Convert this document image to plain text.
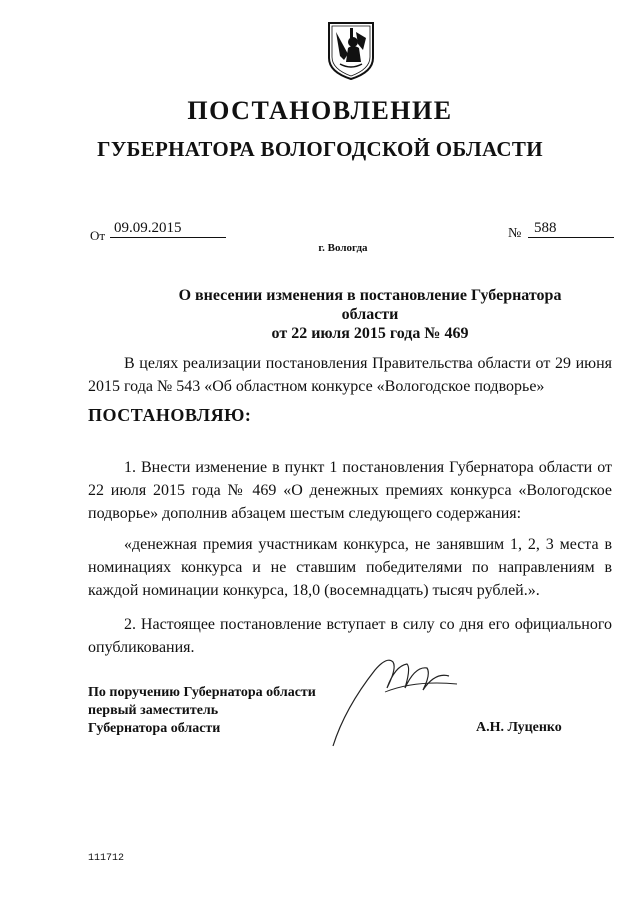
ПОСТАНОВЛЕНИЕ
ГУБЕРНАТОРА ВОЛОГОДСКОЙ ОБЛАСТИ
От 09.09.2015	№ 588
г. Вологда
О внесении изменения в постановление Губернатора области
от 22 июля 2015 года № 469
В целях реализации постановления Правительства области от 29 июня 2015 года № 543 «Об областном конкурсе «Вологодское подворье»
ПОСТАНОВЛЯЮ:
1. Внести изменение в пункт 1 постановления Губернатора области от 22 июля 2015 года № 469 «О денежных премиях конкурса «Вологодское подворье» дополнив абзацем шестым следующего содержания:
«денежная премия участникам конкурса, не занявшим 1, 2, 3 места в номинациях конкурса и не ставшим победителями по направлениям в каждой номинации конкурса, 18,0 (восемнадцать) тысяч рублей.».
2. Настоящее постановление вступает в силу со дня его официального опубликования.
По поручению Губернатора области
первый заместитель
Губернатора области	А.Н. Луценко
111712
